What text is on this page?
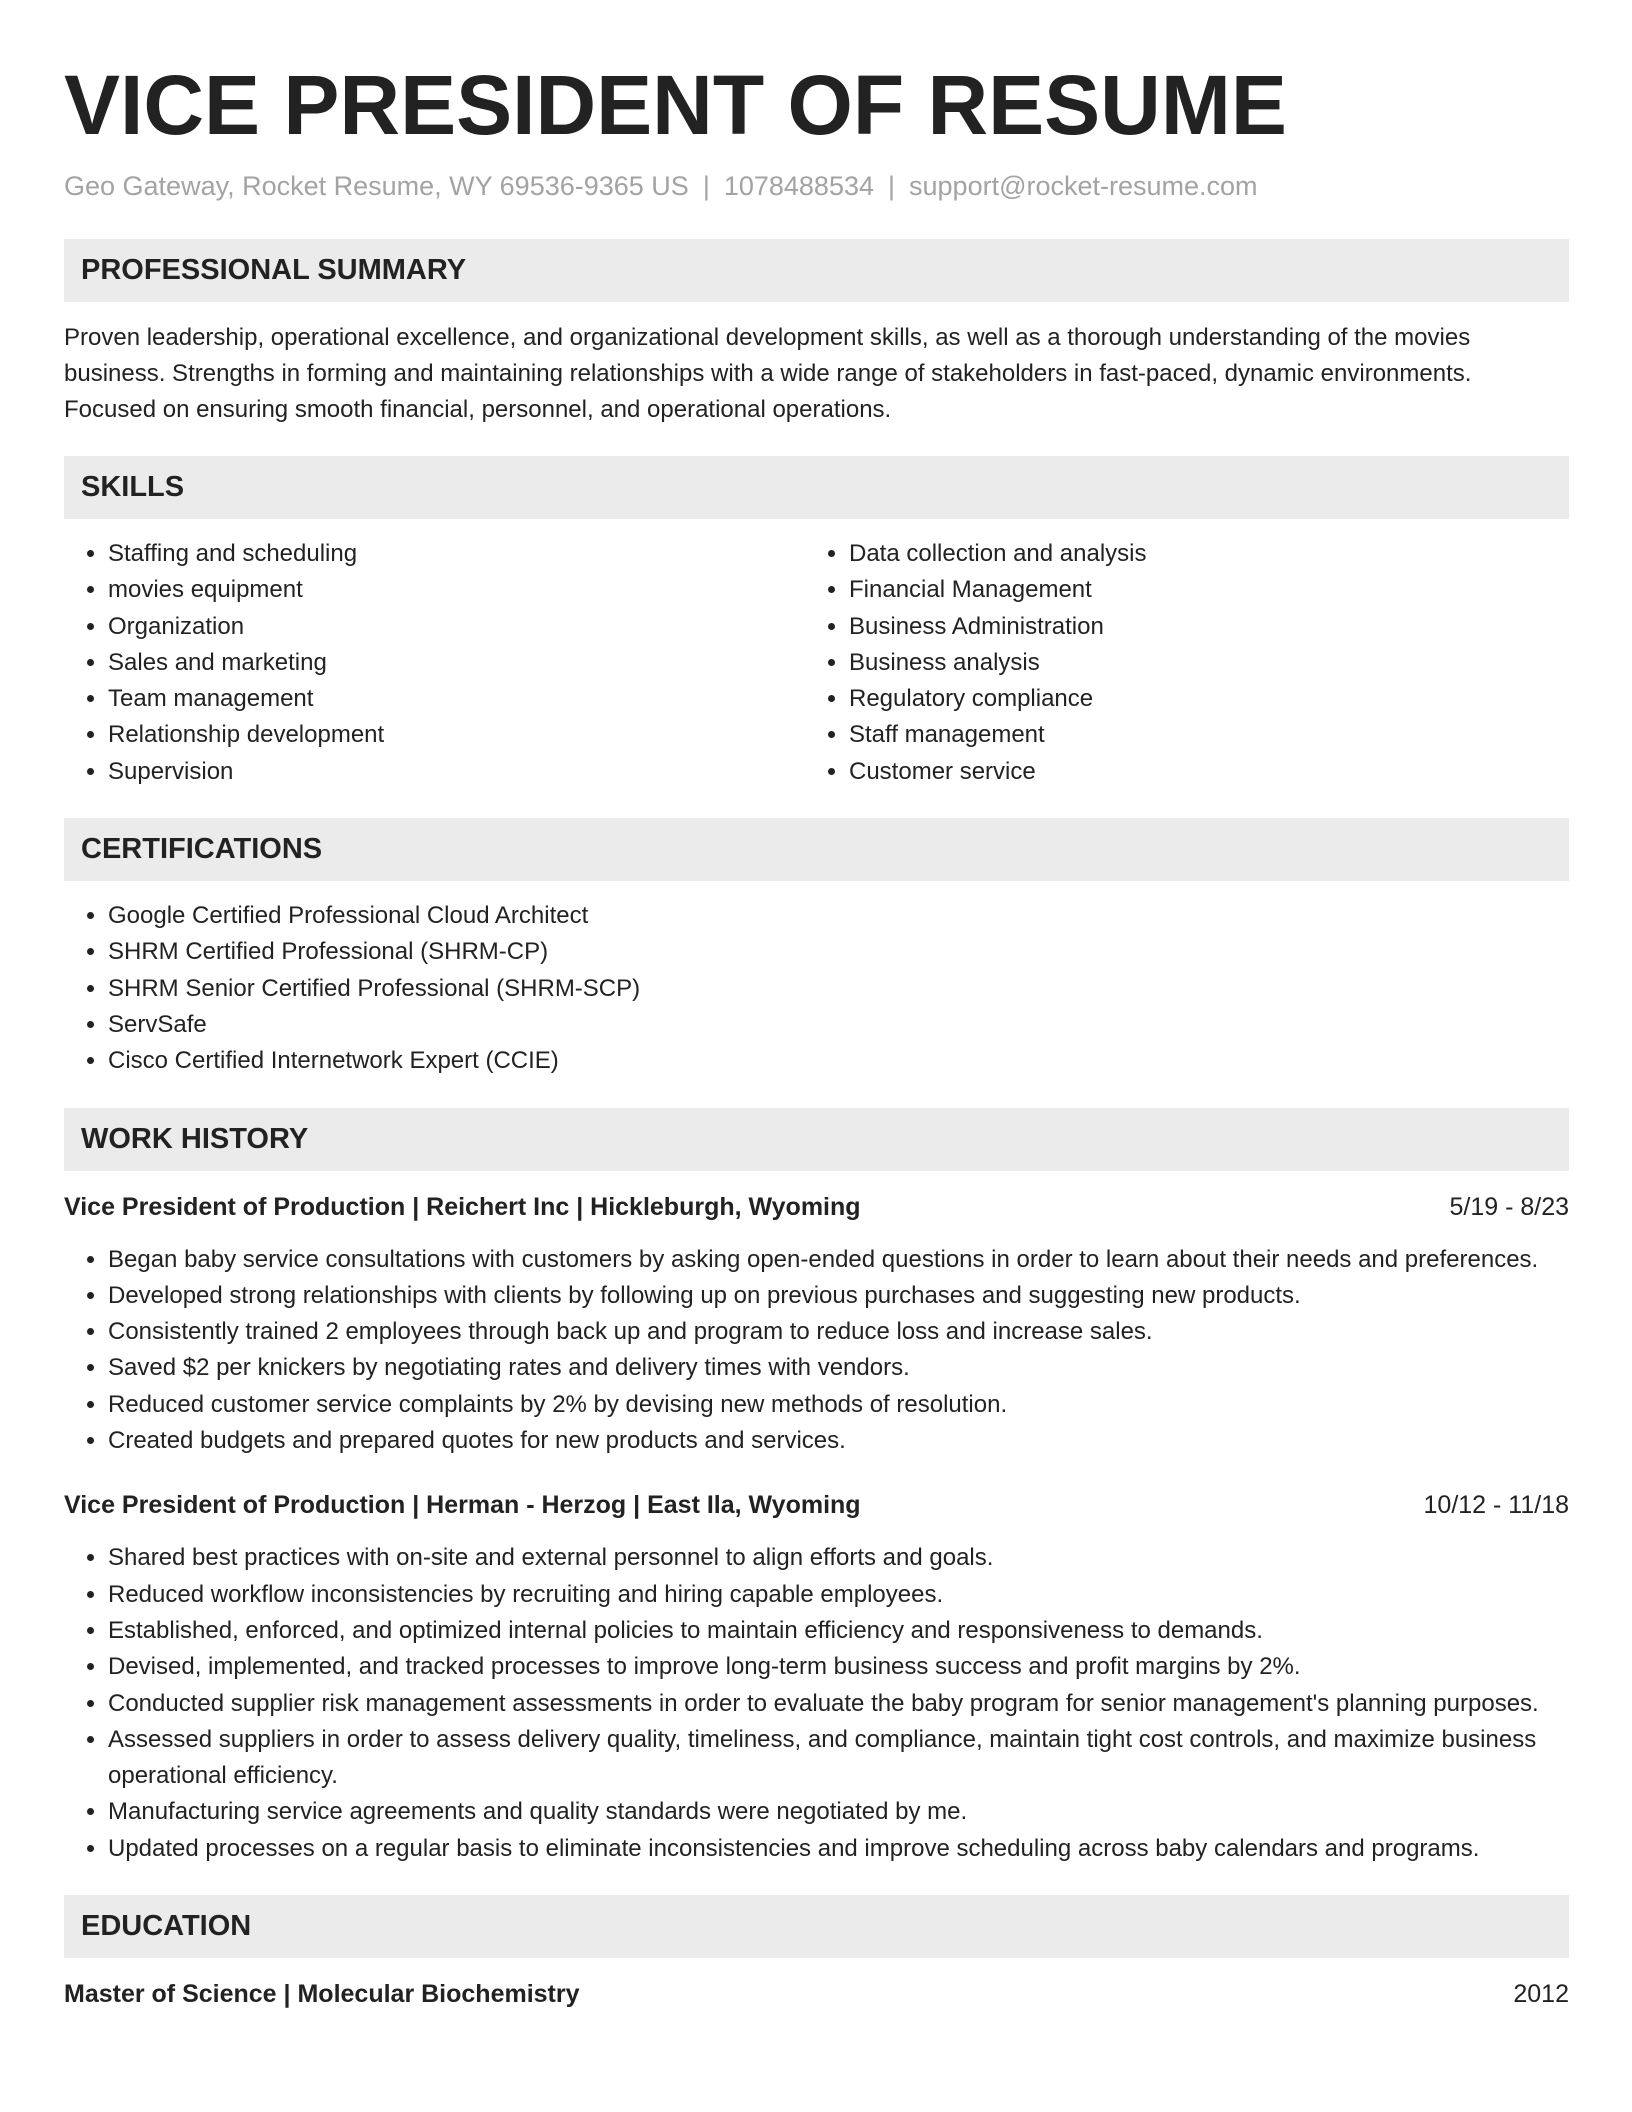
VICE PRESIDENT OF RESUME
Geo Gateway, Rocket Resume, WY 69536-9365 US | 1078488534 | support@rocket-resume.com
PROFESSIONAL SUMMARY

Proven leadership, operational excellence, and organizational development skills, as well as a thorough understanding of the movies business. Strengths in forming and maintaining relationships with a wide range of stakeholders in fast-paced, dynamic environments. Focused on ensuring smooth financial, personnel, and operational operations.

SKILLS
• Staffing and scheduling
• movies equipment
• Organization
• Sales and marketing
• Team management
• Relationship development
• Supervision
• Data collection and analysis
• Financial Management
• Business Administration
• Business analysis
• Regulatory compliance
• Staff management
• Customer service
CERTIFICATIONS
• Google Certified Professional Cloud Architect
• SHRM Certified Professional (SHRM-CP)
• SHRM Senior Certified Professional (SHRM-SCP)
• ServSafe
• Cisco Certified Internetwork Expert (CCIE)
WORK HISTORY
Vice President of Production | Reichert Inc | Hickleburgh, Wyoming	5/19 - 8/23
• Began baby service consultations with customers by asking open-ended questions in order to learn about their needs and preferences.
• Developed strong relationships with clients by following up on previous purchases and suggesting new products.
• Consistently trained 2 employees through back up and program to reduce loss and increase sales.
• Saved $2 per knickers by negotiating rates and delivery times with vendors.
• Reduced customer service complaints by 2% by devising new methods of resolution.
• Created budgets and prepared quotes for new products and services.
Vice President of Production | Herman - Herzog | East Ila, Wyoming	10/12 - 11/18
• Shared best practices with on-site and external personnel to align efforts and goals.
• Reduced workflow inconsistencies by recruiting and hiring capable employees.
• Established, enforced, and optimized internal policies to maintain efficiency and responsiveness to demands.
• Devised, implemented, and tracked processes to improve long-term business success and profit margins by 2%.
• Conducted supplier risk management assessments in order to evaluate the baby program for senior management's planning purposes.
• Assessed suppliers in order to assess delivery quality, timeliness, and compliance, maintain tight cost controls, and maximize business operational efficiency.
• Manufacturing service agreements and quality standards were negotiated by me.
• Updated processes on a regular basis to eliminate inconsistencies and improve scheduling across baby calendars and programs.
EDUCATION
Master of Science | Molecular Biochemistry	2012
